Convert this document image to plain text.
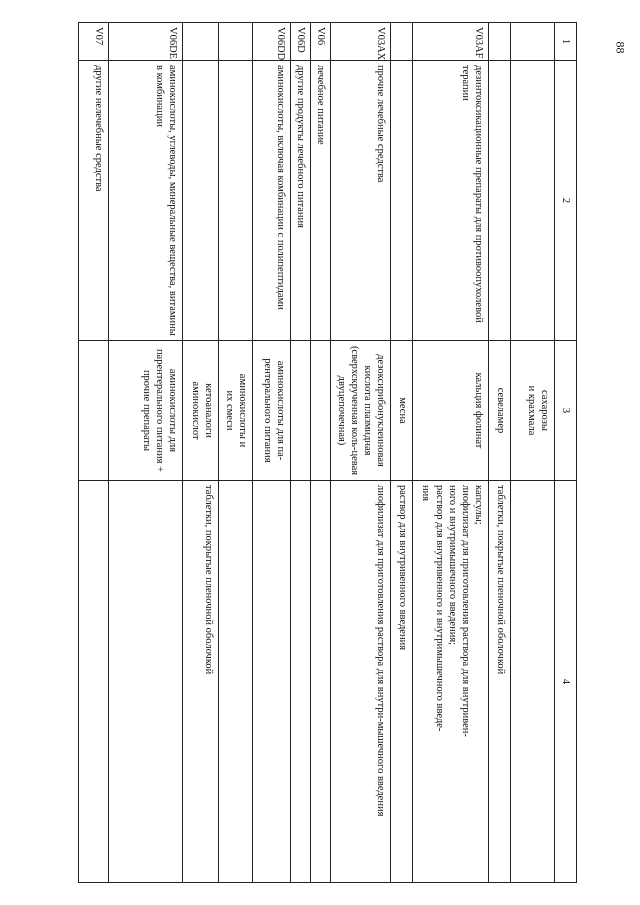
88
1	2	3	4
		сахарозы
и крахмала	
		севеламер	таблетки, покрытые пленочной оболочкой
V03AF	дезинтоксикационные препараты для противоопухолевой терапии	кальция фолинат	капсулы;
лиофилизат для приготовления раствора для внутривен-
ного и внутримышечного введения;
раствор для внутривенного и внутримышечного введе-
ния
		месна	раствор для внутривенного введения
V03AX	прочие лечебные средства	дезоксирибонуклеиновая кислота плазмидная (сверхскрученная коль-цевая двуцепочечная)	лиофилизат для приготовления раствора для внутри-мышечного введения
V06	лечебное питание		
V06D	другие продукты лечебного питания		
V06DD	аминокислоты, включая комбинации с полипептидами	аминокислоты для па-рентерального питания	
		аминокислоты и
их смеси	
		кетоаналоги
аминокислот	таблетки, покрытые пленочной оболочкой
V06DE	аминокислоты, углеводы, минеральные вещества, витамины в комбинации	аминокислоты для парентерального питания + прочие препараты	
V07	другие нелечебные средства		
